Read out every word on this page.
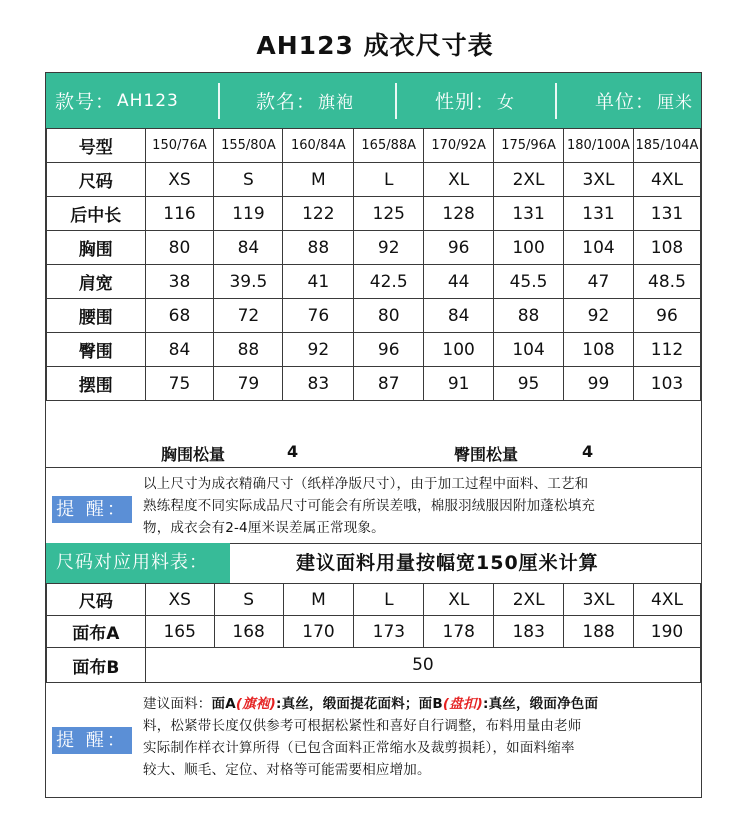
AH123 成衣尺寸表
款号： AH123	款名： 旗袍	性别： 女	单位： 厘米
号型	150/76A	155/80A	160/84A	165/88A	170/92A	175/96A	180/100A	185/104A
尺码	XS	S	M	L	XL	2XL	3XL	4XL
后中长	116	119	122	125	128	131	131	131
胸围	80	84	88	92	96	100	104	108
肩宽	38	39.5	41	42.5	44	45.5	47	48.5
腰围	68	72	76	80	84	88	92	96
臀围	84	88	92	96	100	104	108	112
摆围	75	79	83	87	91	95	99	103
胸围松量	4	臀围松量	4
提 醒：
以上尺寸为成衣精确尺寸（纸样净版尺寸），由于加工过程中面料、工艺和
熟练程度不同实际成品尺寸可能会有所误差哦，棉服羽绒服因附加蓬松填充
物，成衣会有2-4厘米误差属正常现象。
尺码对应用料表：	建议面料用量按幅宽150厘米计算
尺码	XS	S	M	L	XL	2XL	3XL	4XL
面布A	165	168	170	173	178	183	188	190
面布B	50							
提 醒：
建议面料：面A(旗袍):真丝，缎面提花面料；面B(盘扣):真丝，缎面净色面
料，松紧带长度仅供参考可根据松紧性和喜好自行调整，布料用量由老师
实际制作样衣计算所得（已包含面料正常缩水及裁剪损耗），如面料缩率
较大、顺毛、定位、对格等可能需要相应增加。
